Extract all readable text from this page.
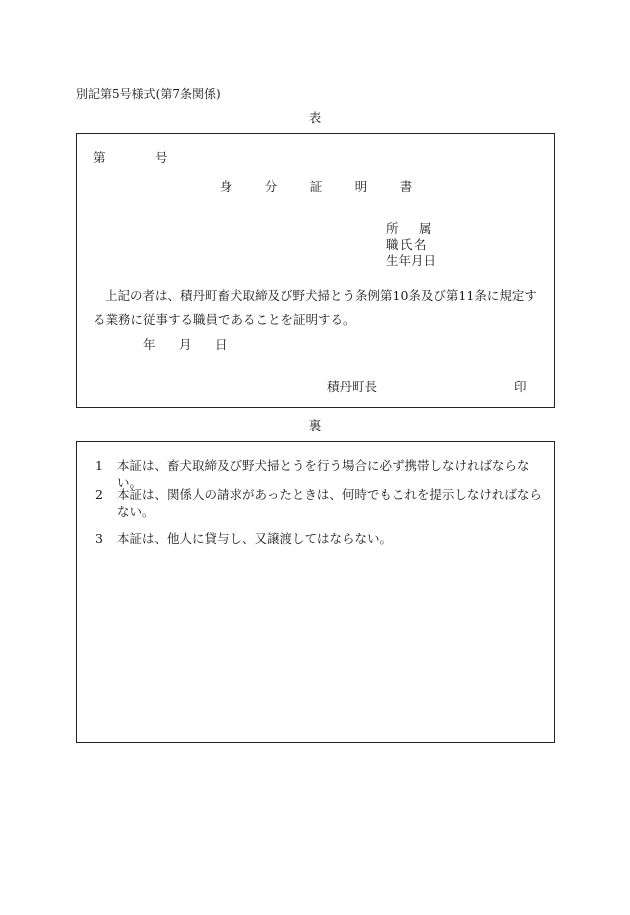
別記第5号様式(第7条関係)
表
第	号
身	分	証	明	書
所 属
職氏名
生年月日
上記の者は、積丹町畜犬取締及び野犬掃とう条例第10条及び第11条に規定する業務に従事する職員であることを証明する。
年 月 日
積丹町長	印
裏
1	本証は、畜犬取締及び野犬掃とうを行う場合に必ず携帯しなければならない。
2	本証は、関係人の請求があったときは、何時でもこれを提示しなければならない。
3	本証は、他人に貸与し、又譲渡してはならない。
